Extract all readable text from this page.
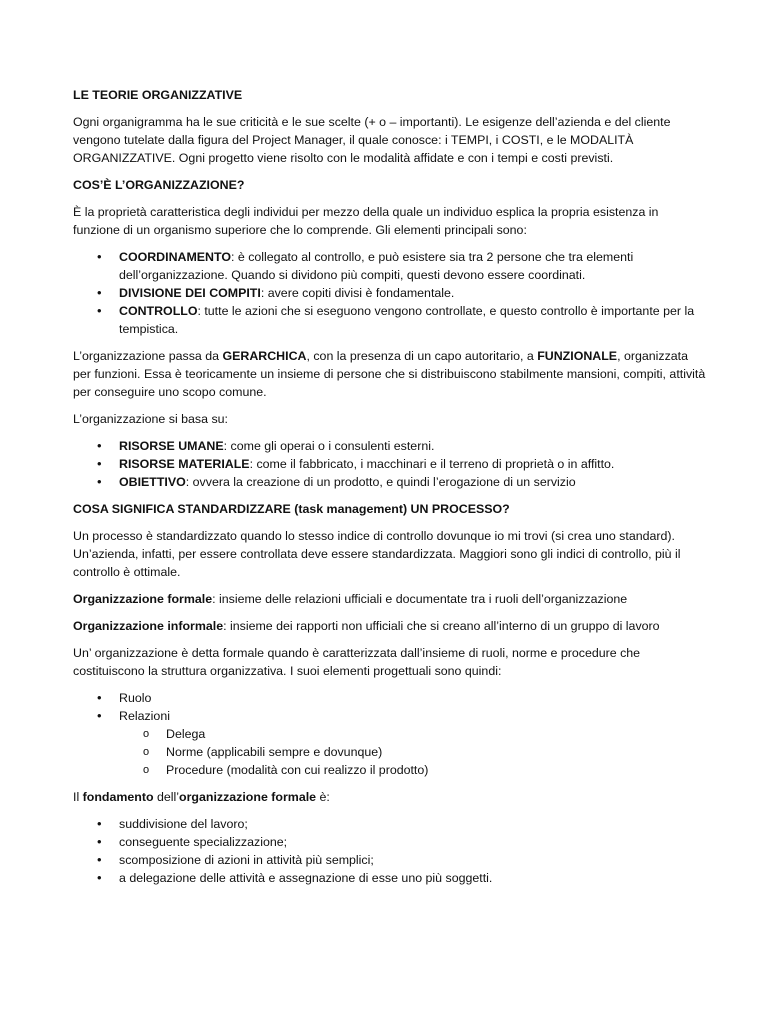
LE TEORIE ORGANIZZATIVE

Ogni organigramma ha le sue criticità e le sue scelte (+ o – importanti). Le esigenze dell’azienda e del cliente vengono tutelate dalla figura del Project Manager, il quale conosce: i TEMPI, i COSTI, e le MODALITÀ ORGANIZZATIVE. Ogni progetto viene risolto con le modalità affidate e con i tempi e costi previsti.

COS’È L’ORGANIZZAZIONE?

È la proprietà caratteristica degli individui per mezzo della quale un individuo esplica la propria esistenza in funzione di un organismo superiore che lo comprende. Gli elementi principali sono:

• COORDINAMENTO: è collegato al controllo, e può esistere sia tra 2 persone che tra elementi dell’organizzazione. Quando si dividono più compiti, questi devono essere coordinati.
• DIVISIONE DEI COMPITI: avere copiti divisi è fondamentale.
• CONTROLLO: tutte le azioni che si eseguono vengono controllate, e questo controllo è importante per la tempistica.

L’organizzazione passa da GERARCHICA, con la presenza di un capo autoritario, a FUNZIONALE, organizzata per funzioni. Essa è teoricamente un insieme di persone che si distribuiscono stabilmente mansioni, compiti, attività per conseguire uno scopo comune.

L’organizzazione si basa su:

• RISORSE UMANE: come gli operai o i consulenti esterni.
• RISORSE MATERIALE: come il fabbricato, i macchinari e il terreno di proprietà o in affitto.
• OBIETTIVO: ovvera la creazione di un prodotto, e quindi l’erogazione di un servizio

COSA SIGNIFICA STANDARDIZZARE (task management) UN PROCESSO?

Un processo è standardizzato quando lo stesso indice di controllo dovunque io mi trovi (si crea uno standard). Un’azienda, infatti, per essere controllata deve essere standardizzata. Maggiori sono gli indici di controllo, più il controllo è ottimale.

Organizzazione formale: insieme delle relazioni ufficiali e documentate tra i ruoli dell’organizzazione

Organizzazione informale: insieme dei rapporti non ufficiali che si creano all’interno di un gruppo di lavoro

Un’ organizzazione è detta formale quando è caratterizzata dall’insieme di ruoli, norme e procedure che costituiscono la struttura organizzativa. I suoi elementi progettuali sono quindi:

• Ruolo
• Relazioni
o Delega
o Norme (applicabili sempre e dovunque)
o Procedure (modalità con cui realizzo il prodotto)

Il fondamento dell’organizzazione formale è:

• suddivisione del lavoro;
• conseguente specializzazione;
• scomposizione di azioni in attività più semplici;
• a delegazione delle attività e assegnazione di esse uno più soggetti.
